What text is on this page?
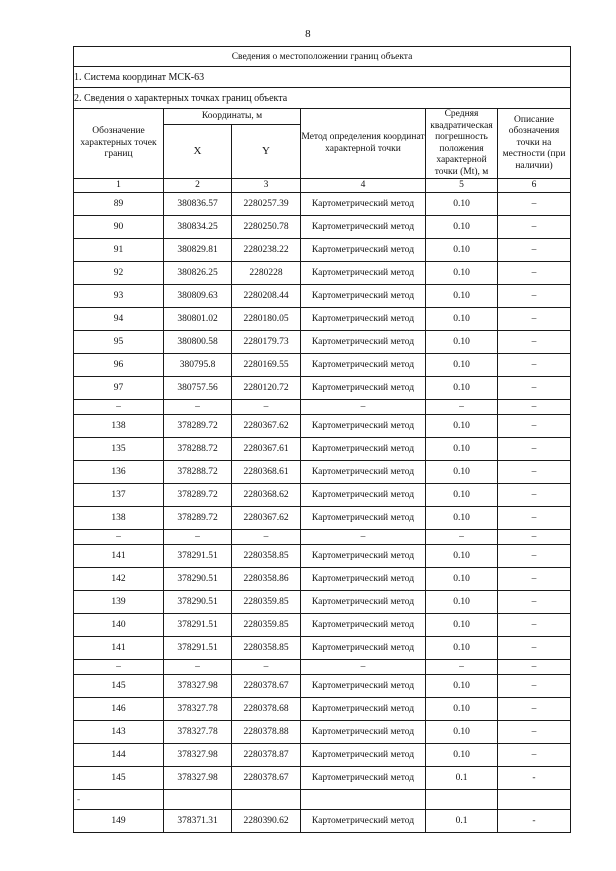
8
Сведения о местоположении границ объекта					
1. Система координат МСК-63					
2. Сведения о характерных точках границ объекта					
Обозначение характерных точек границ	Координаты, м		Метод определения координат характерной точки	Средняя квадратическая погрешность положения характерной точки (Мt), м	Описание обозначения точки на местности (при наличии)
	X	Y			
1	2	3	4	5	6
89	380836.57	2280257.39	Картометрический метод	0.10	–
90	380834.25	2280250.78	Картометрический метод	0.10	–
91	380829.81	2280238.22	Картометрический метод	0.10	–
92	380826.25	2280228	Картометрический метод	0.10	–
93	380809.63	2280208.44	Картометрический метод	0.10	–
94	380801.02	2280180.05	Картометрический метод	0.10	–
95	380800.58	2280179.73	Картометрический метод	0.10	–
96	380795.8	2280169.55	Картометрический метод	0.10	–
97	380757.56	2280120.72	Картометрический метод	0.10	–
–	–	–	–	–	–
138	378289.72	2280367.62	Картометрический метод	0.10	–
135	378288.72	2280367.61	Картометрический метод	0.10	–
136	378288.72	2280368.61	Картометрический метод	0.10	–
137	378289.72	2280368.62	Картометрический метод	0.10	–
138	378289.72	2280367.62	Картометрический метод	0.10	–
–	–	–	–	–	–
141	378291.51	2280358.85	Картометрический метод	0.10	–
142	378290.51	2280358.86	Картометрический метод	0.10	–
139	378290.51	2280359.85	Картометрический метод	0.10	–
140	378291.51	2280359.85	Картометрический метод	0.10	–
141	378291.51	2280358.85	Картометрический метод	0.10	–
–	–	–	–	–	–
145	378327.98	2280378.67	Картометрический метод	0.10	–
146	378327.78	2280378.68	Картометрический метод	0.10	–
143	378327.78	2280378.88	Картометрический метод	0.10	–
144	378327.98	2280378.87	Картометрический метод	0.10	–
145	378327.98	2280378.67	Картометрический метод	0.1	-
-					
149	378371.31	2280390.62	Картометрический метод	0.1	-
